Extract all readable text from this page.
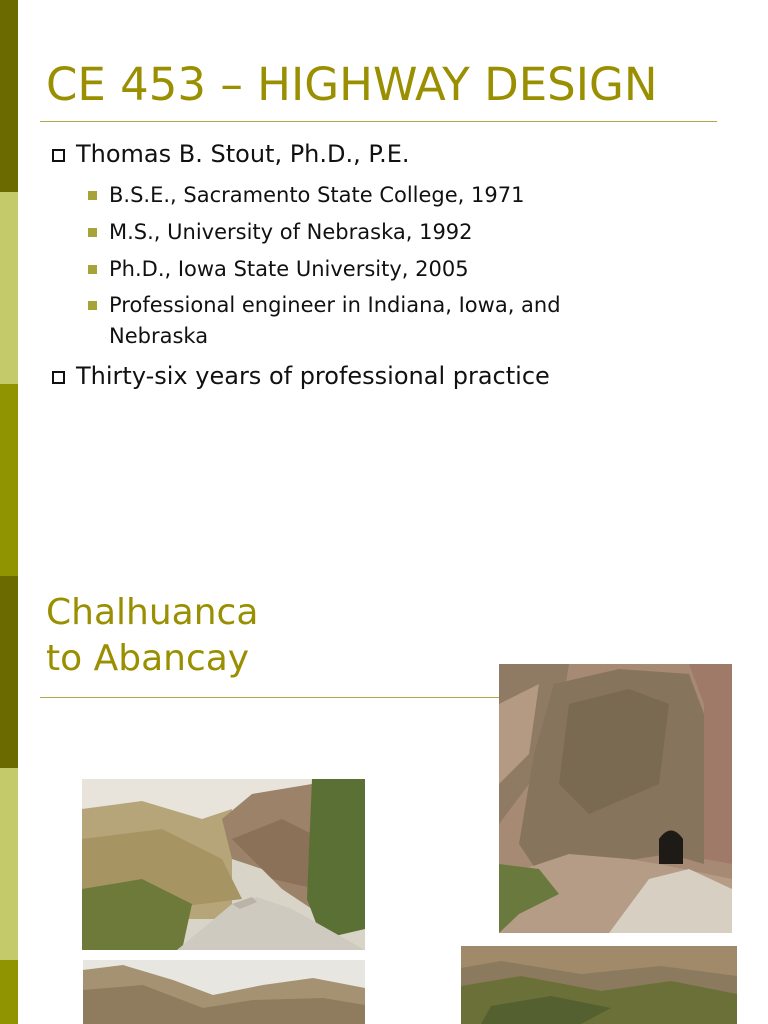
CE 453 – HIGHWAY DESIGN
Thomas B. Stout, Ph.D., P.E.
B.S.E., Sacramento State College, 1971
M.S., University of Nebraska, 1992
Ph.D., Iowa State University, 2005
Professional engineer in Indiana, Iowa, and
Nebraska
Thirty-six years of professional practice
Chalhuanca
to Abancay
